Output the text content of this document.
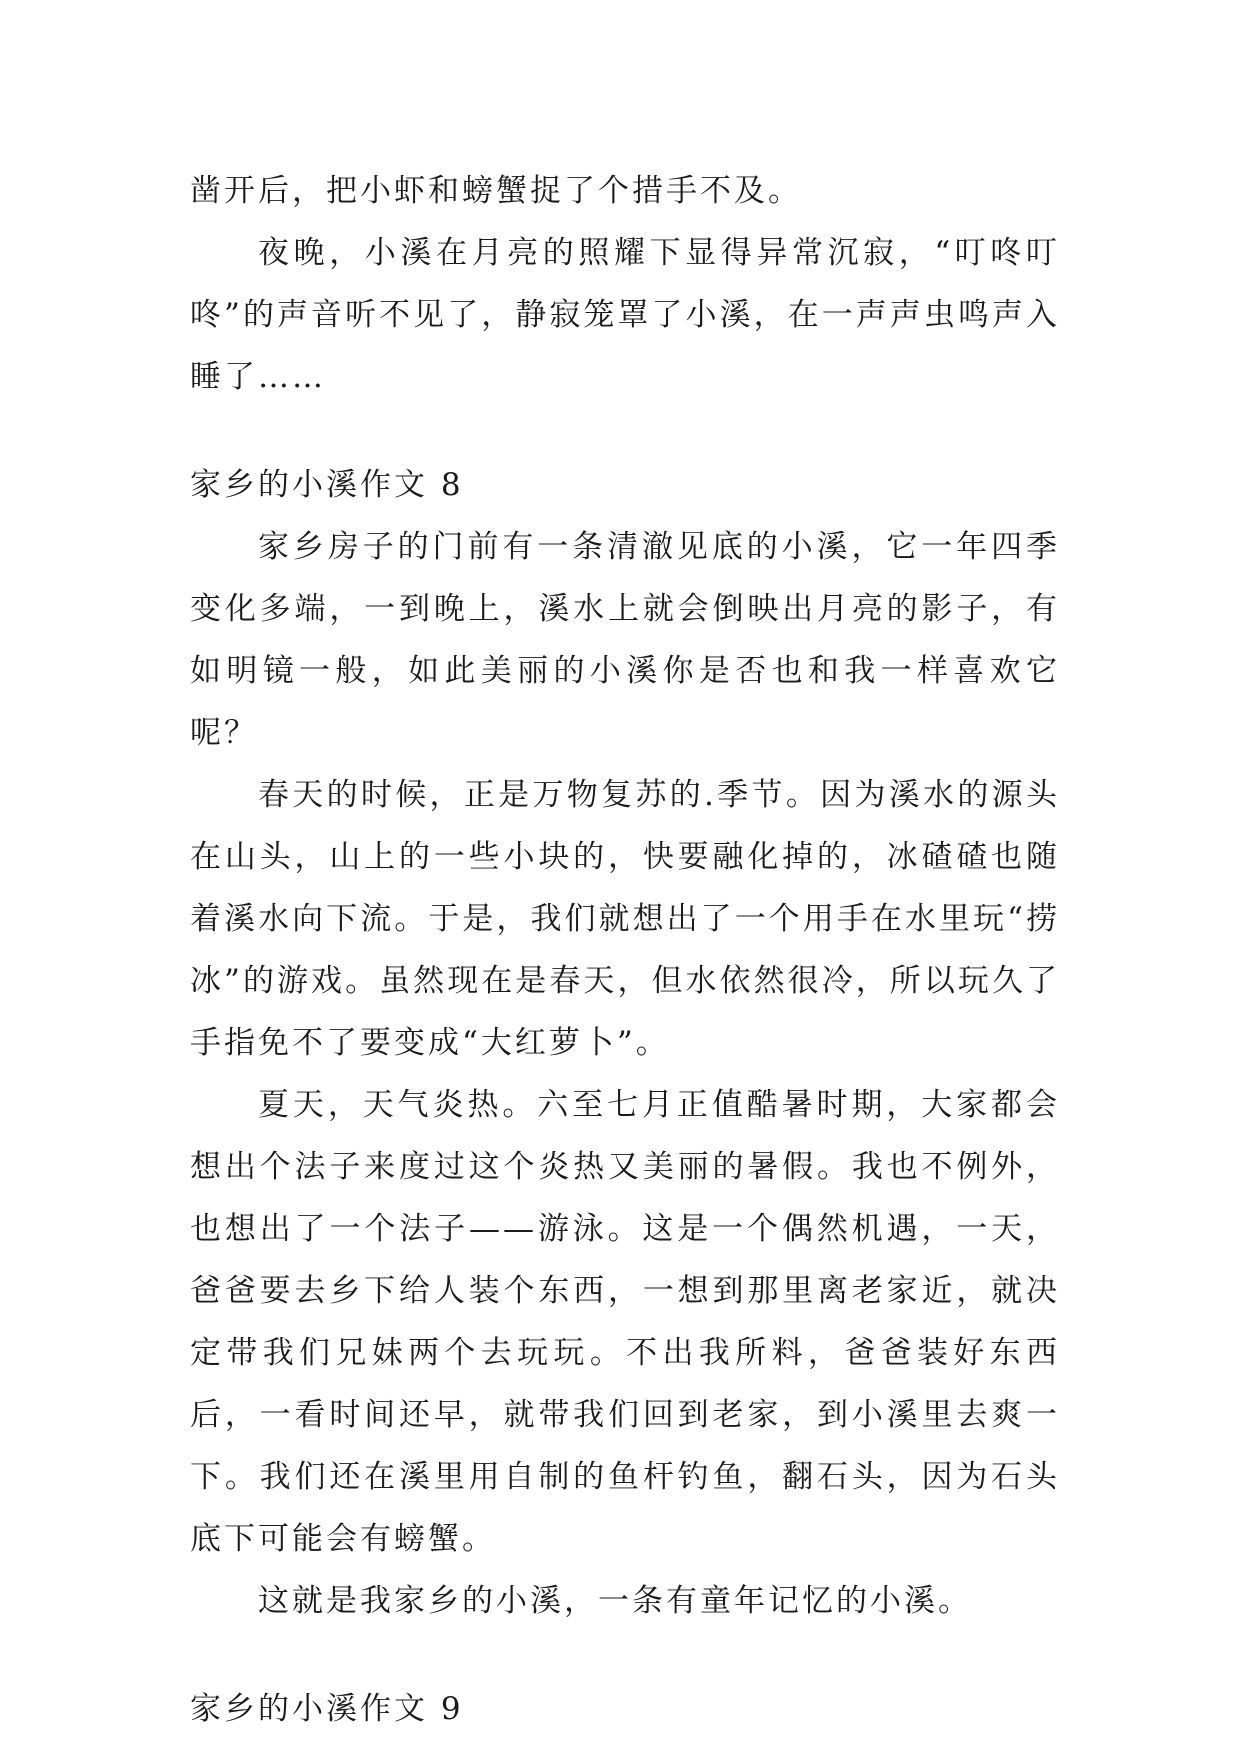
凿开后，把小虾和螃蟹捉了个措手不及。

夜晚，小溪在月亮的照耀下显得异常沉寂，“叮咚叮咚”的声音听不见了，静寂笼罩了小溪，在一声声虫鸣声入睡了……

家乡的小溪作文 8

家乡房子的门前有一条清澈见底的小溪，它一年四季变化多端，一到晚上，溪水上就会倒映出月亮的影子，有如明镜一般，如此美丽的小溪你是否也和我一样喜欢它呢？

春天的时候，正是万物复苏的.季节。因为溪水的源头在山头，山上的一些小块的，快要融化掉的，冰碴碴也随着溪水向下流。于是，我们就想出了一个用手在水里玩“捞冰”的游戏。虽然现在是春天，但水依然很冷，所以玩久了手指免不了要变成“大红萝卜”。

夏天，天气炎热。六至七月正值酷暑时期，大家都会想出个法子来度过这个炎热又美丽的暑假。我也不例外，也想出了一个法子——游泳。这是一个偶然机遇，一天，爸爸要去乡下给人装个东西，一想到那里离老家近，就决定带我们兄妹两个去玩玩。不出我所料，爸爸装好东西后，一看时间还早，就带我们回到老家，到小溪里去爽一下。我们还在溪里用自制的鱼杆钓鱼，翻石头，因为石头底下可能会有螃蟹。

这就是我家乡的小溪，一条有童年记忆的小溪。

家乡的小溪作文 9
